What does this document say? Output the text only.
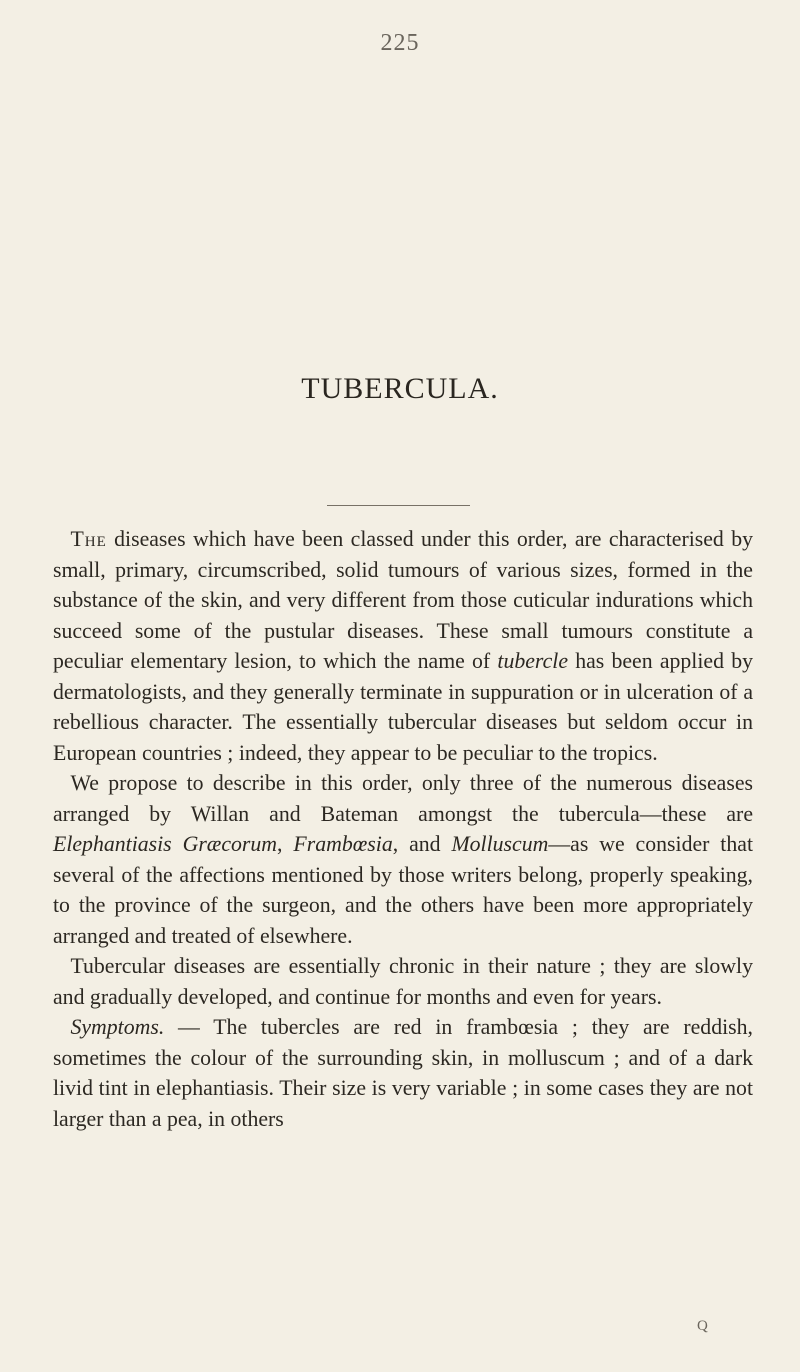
225
TUBERCULA.

The diseases which have been classed under this order, are characterised by small, primary, circumscribed, solid tumours of various sizes, formed in the substance of the skin, and very different from those cuticular indurations which succeed some of the pustular diseases. These small tumours constitute a peculiar elementary lesion, to which the name of tubercle has been applied by dermatologists, and they generally terminate in suppuration or in ulceration of a rebellious character. The essentially tubercular diseases but seldom occur in European countries ; indeed, they appear to be peculiar to the tropics.

We propose to describe in this order, only three of the numerous diseases arranged by Willan and Bateman amongst the tubercula—these are Elephantiasis Græcorum, Frambœsia, and Molluscum—as we consider that several of the affections mentioned by those writers belong, properly speaking, to the province of the surgeon, and the others have been more appropriately arranged and treated of elsewhere.

Tubercular diseases are essentially chronic in their nature ; they are slowly and gradually developed, and continue for months and even for years.

Symptoms. — The tubercles are red in frambœsia ; they are reddish, sometimes the colour of the surrounding skin, in molluscum ; and of a dark livid tint in elephantiasis. Their size is very variable ; in some cases they are not larger than a pea, in others

Q
